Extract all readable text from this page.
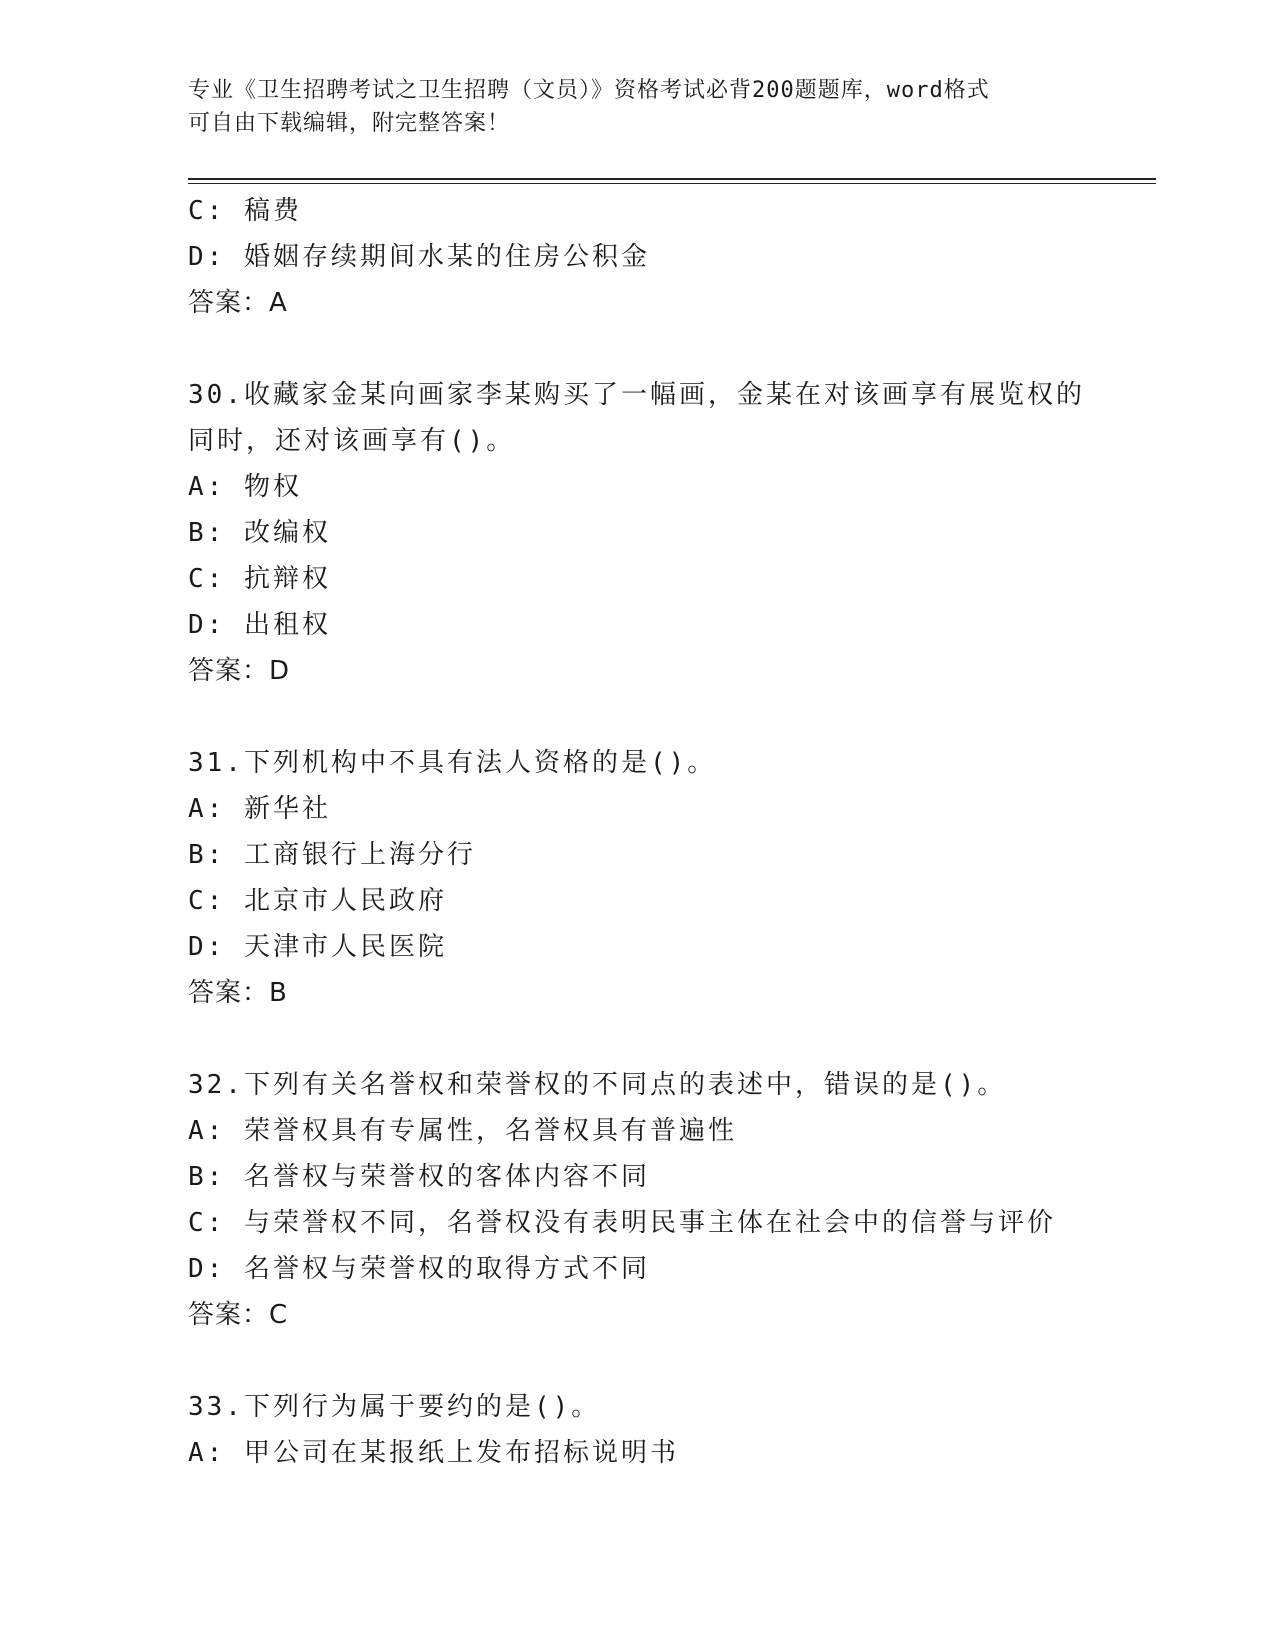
专业《卫生招聘考试之卫生招聘（文员）》资格考试必背200题题库，word格式
可自由下载编辑，附完整答案！
C: 稿费
D: 婚姻存续期间水某的住房公积金
答案：A
30.收藏家金某向画家李某购买了一幅画，金某在对该画享有展览权的
同时，还对该画享有()。
A: 物权
B: 改编权
C: 抗辩权
D: 出租权
答案：D
31.下列机构中不具有法人资格的是()。
A: 新华社
B: 工商银行上海分行
C: 北京市人民政府
D: 天津市人民医院
答案：B
32.下列有关名誉权和荣誉权的不同点的表述中，错误的是()。
A: 荣誉权具有专属性，名誉权具有普遍性
B: 名誉权与荣誉权的客体内容不同
C: 与荣誉权不同，名誉权没有表明民事主体在社会中的信誉与评价
D: 名誉权与荣誉权的取得方式不同
答案：C
33.下列行为属于要约的是()。
A: 甲公司在某报纸上发布招标说明书
